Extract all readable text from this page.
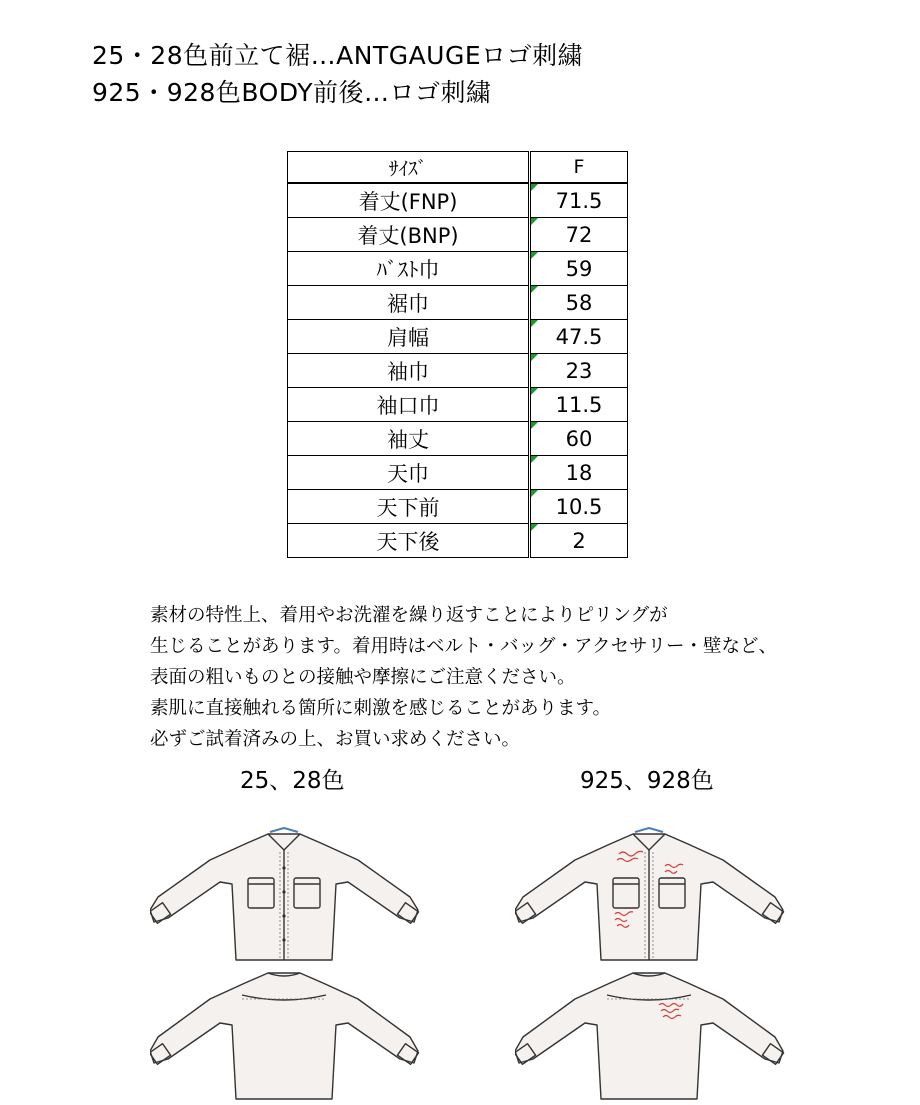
25・28色前立て裾…ANTGAUGEロゴ刺繍
925・928色BODY前後…ロゴ刺繍
ｻｲｽﾞ	F
着丈(FNP)	71.5
着丈(BNP)	72
ﾊﾞｽﾄ巾	59
裾巾	58
肩幅	47.5
袖巾	23
袖口巾	11.5
袖丈	60
天巾	18
天下前	10.5
天下後	2
素材の特性上、着用やお洗濯を繰り返すことによりピリングが
生じることがあります。着用時はベルト・バッグ・アクセサリー・壁など、
表面の粗いものとの接触や摩擦にご注意ください。
素肌に直接触れる箇所に刺激を感じることがあります。
必ずご試着済みの上、お買い求めください。
25、28色	925、928色
